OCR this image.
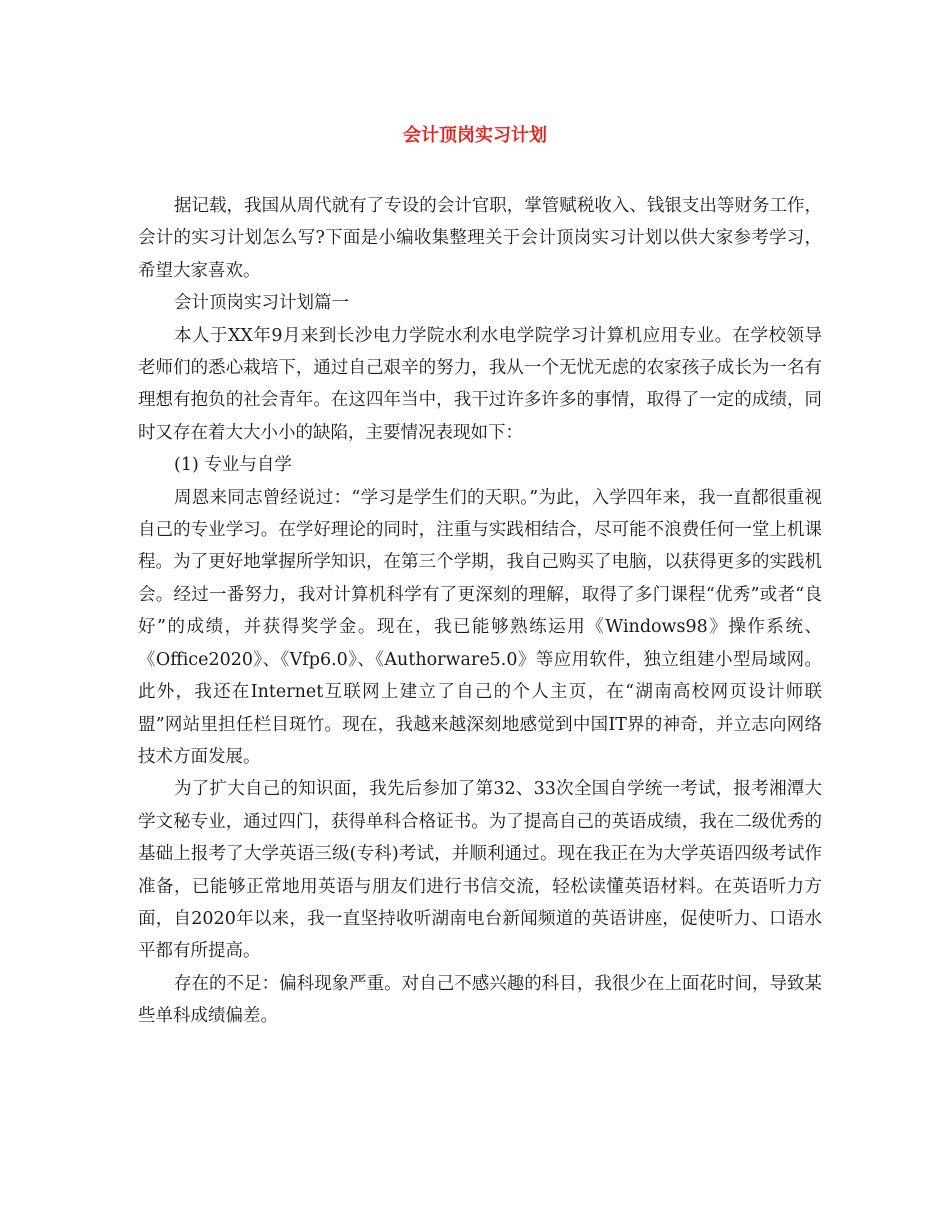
会计顶岗实习计划

据记载，我国从周代就有了专设的会计官职，掌管赋税收入、钱银支出等财务工作，会计的实习计划怎么写?下面是小编收集整理关于会计顶岗实习计划以供大家参考学习，希望大家喜欢。

会计顶岗实习计划篇一

本人于XX年9月来到长沙电力学院水利水电学院学习计算机应用专业。在学校领导老师们的悉心栽培下，通过自己艰辛的努力，我从一个无忧无虑的农家孩子成长为一名有理想有抱负的社会青年。在这四年当中，我干过许多许多的事情，取得了一定的成绩，同时又存在着大大小小的缺陷，主要情况表现如下：

(1) 专业与自学

周恩来同志曾经说过：“学习是学生们的天职。”为此，入学四年来，我一直都很重视自己的专业学习。在学好理论的同时，注重与实践相结合，尽可能不浪费任何一堂上机课程。为了更好地掌握所学知识，在第三个学期，我自己购买了电脑，以获得更多的实践机会。经过一番努力，我对计算机科学有了更深刻的理解，取得了多门课程“优秀”或者“良好”的成绩，并获得奖学金。现在，我已能够熟练运用《Windows98》操作系统、《Office2020》、《Vfp6.0》、《Authorware5.0》等应用软件，独立组建小型局域网。此外，我还在Internet互联网上建立了自己的个人主页，在“湖南高校网页设计师联盟”网站里担任栏目斑竹。现在，我越来越深刻地感觉到中国IT界的神奇，并立志向网络技术方面发展。

为了扩大自己的知识面，我先后参加了第32、33次全国自学统一考试，报考湘潭大学文秘专业，通过四门，获得单科合格证书。为了提高自己的英语成绩，我在二级优秀的基础上报考了大学英语三级(专科)考试，并顺利通过。现在我正在为大学英语四级考试作准备，已能够正常地用英语与朋友们进行书信交流，轻松读懂英语材料。在英语听力方面，自2020年以来，我一直坚持收听湖南电台新闻频道的英语讲座，促使听力、口语水平都有所提高。

存在的不足：偏科现象严重。对自己不感兴趣的科目，我很少在上面花时间，导致某些单科成绩偏差。
